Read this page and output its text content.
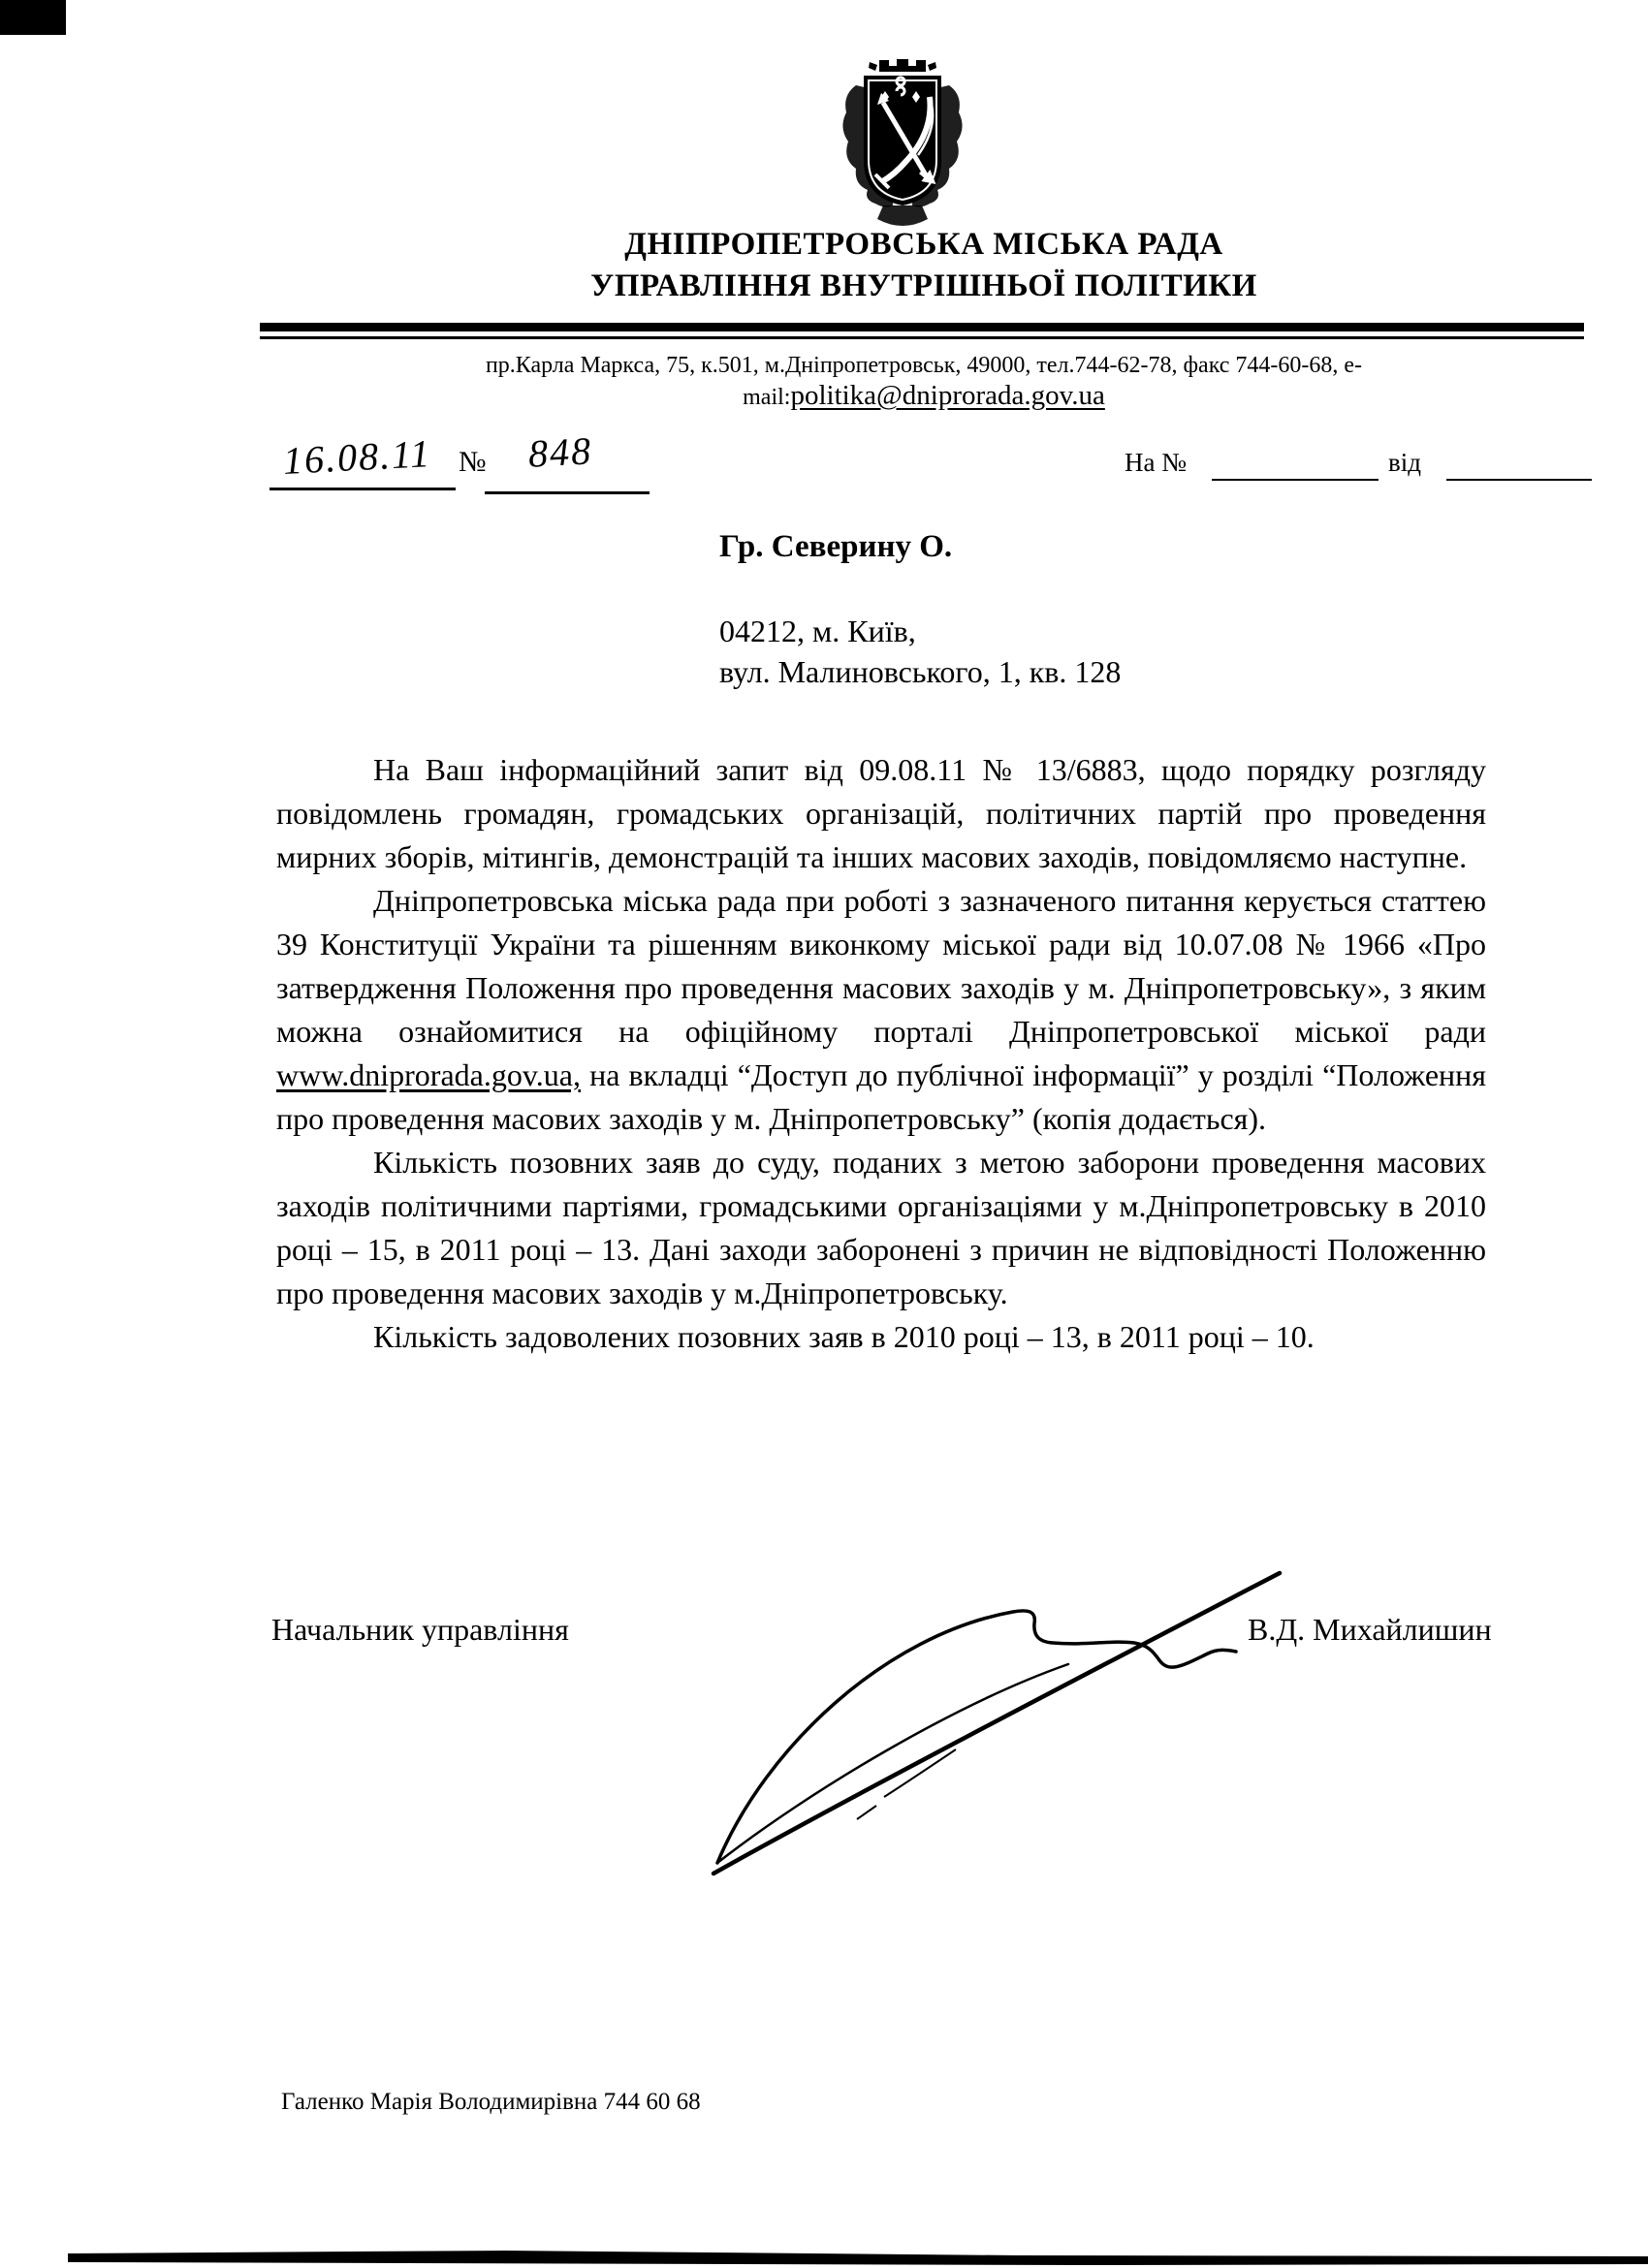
ДНІПРОПЕТРОВСЬКА МІСЬКА РАДА
УПРАВЛІННЯ ВНУТРІШНЬОЇ ПОЛІТИКИ
пр.Карла Маркса, 75, к.501, м.Дніпропетровськ, 49000, тел.744-62-78, факс 744-60-68, e-
mail:politika@dniprorada.gov.ua
16.08.11 № 848	На №	від
Гр. Северину О.
04212, м. Київ,
вул. Малиновського, 1, кв. 128

На Ваш інформаційний запит від 09.08.11 № 13/6883, щодо порядку розгляду повідомлень громадян, громадських організацій, політичних партій про проведення мирних зборів, мітингів, демонстрацій та інших масових заходів, повідомляємо наступне.

Дніпропетровська міська рада при роботі з зазначеного питання керується статтею 39 Конституції України та рішенням виконкому міської ради від 10.07.08 № 1966 «Про затвердження Положення про проведення масових заходів у м. Дніпропетровську», з яким можна ознайомитися на офіційному порталі Дніпропетровської міської ради www.dniprorada.gov.ua, на вкладці “Доступ до публічної інформації” у розділі “Положення про проведення масових заходів у м. Дніпропетровську” (копія додається).

Кількість позовних заяв до суду, поданих з метою заборони проведення масових заходів політичними партіями, громадськими організаціями у м.Дніпропетровську в 2010 році – 15, в 2011 році – 13. Дані заходи заборонені з причин не відповідності Положенню про проведення масових заходів у м.Дніпропетровську.

Кількість задоволених позовних заяв в 2010 році – 13, в 2011 році – 10.

Начальник управління	В.Д. Михайлишин
Галенко Марія Володимирівна 744 60 68
